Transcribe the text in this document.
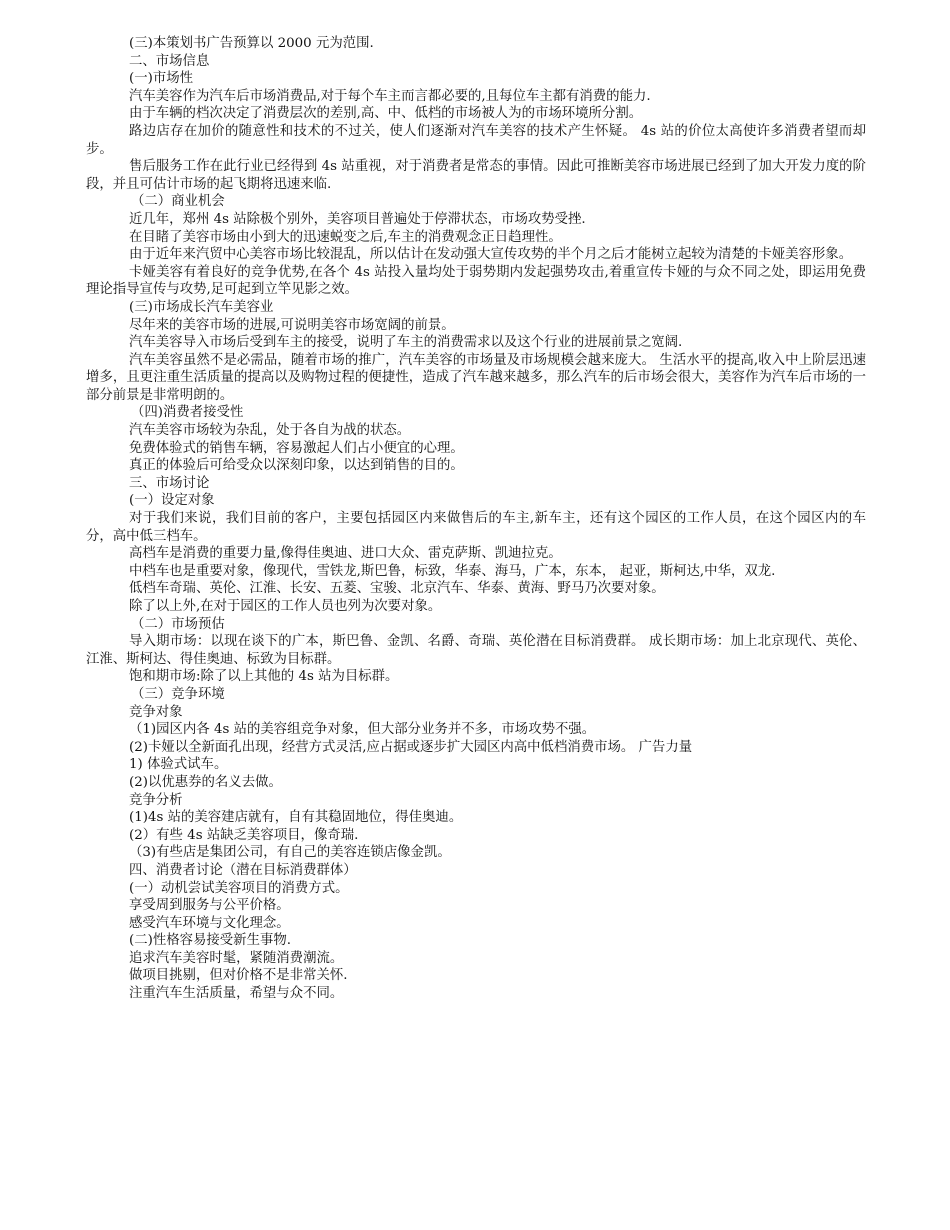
(三)本策划书广告预算以 2000 元为范围.

二、市场信息

(一)市场性

汽车美容作为汽车后市场消费品,对于每个车主而言都必要的,且每位车主都有消费的能力.

由于车辆的档次决定了消费层次的差别,高、中、低档的市场被人为的市场环境所分割。

路边店存在加价的随意性和技术的不过关，使人们逐渐对汽车美容的技术产生怀疑。 4s 站的价位太高使许多消费者望而却步。

售后服务工作在此行业已经得到 4s 站重视，对于消费者是常态的事情。因此可推断美容市场进展已经到了加大开发力度的阶段，并且可估计市场的起飞期将迅速来临.

（二）商业机会

近几年，郑州 4s 站除极个别外，美容项目普遍处于停滞状态，市场攻势受挫.

在目睹了美容市场由小到大的迅速蜕变之后,车主的消费观念正日趋理性。

由于近年来汽贸中心美容市场比较混乱，所以估计在发动强大宣传攻势的半个月之后才能树立起较为清楚的卡娅美容形象。

卡娅美容有着良好的竞争优势,在各个 4s 站投入量均处于弱势期内发起强势攻击,着重宣传卡娅的与众不同之处，即运用免费理论指导宣传与攻势,足可起到立竿见影之效。

(三)市场成长汽车美容业

尽年来的美容市场的进展,可说明美容市场宽阔的前景。

汽车美容导入市场后受到车主的接受，说明了车主的消费需求以及这个行业的进展前景之宽阔.

汽车美容虽然不是必需品，随着市场的推广，汽车美容的市场量及市场规模会越来庞大。 生活水平的提高,收入中上阶层迅速增多，且更注重生活质量的提高以及购物过程的便捷性，造成了汽车越来越多，那么汽车的后市场会很大，美容作为汽车后市场的一部分前景是非常明朗的。

（四)消费者接受性

汽车美容市场较为杂乱，处于各自为战的状态。

免费体验式的销售车辆，容易激起人们占小便宜的心理。

真正的体验后可给受众以深刻印象，以达到销售的目的。

三、市场讨论

(一）设定对象

对于我们来说，我们目前的客户，主要包括园区内来做售后的车主,新车主，还有这个园区的工作人员，在这个园区内的车分，高中低三档车。

高档车是消费的重要力量,像得佳奥迪、进口大众、雷克萨斯、凯迪拉克。

中档车也是重要对象，像现代，雪铁龙,斯巴鲁，标致，华泰、海马，广本，东本， 起亚，斯柯达,中华，双龙.

低档车奇瑞、英伦、江淮、长安、五菱、宝骏、北京汽车、华泰、黄海、野马乃次要对象。

除了以上外,在对于园区的工作人员也列为次要对象。

（二）市场预估

导入期市场：以现在谈下的广本，斯巴鲁、金凯、名爵、奇瑞、英伦潜在目标消费群。 成长期市场：加上北京现代、英伦、江淮、斯柯达、得佳奥迪、标致为目标群。

饱和期市场:除了以上其他的 4s 站为目标群。

（三）竞争环境

竞争对象

（1)园区内各 4s 站的美容组竞争对象，但大部分业务并不多，市场攻势不强。

(2)卡娅以全新面孔出现，经营方式灵活,应占据或逐步扩大园区内高中低档消费市场。 广告力量

1) 体验式试车。

(2)以优惠券的名义去做。

竞争分析

(1)4s 站的美容建店就有，自有其稳固地位，得佳奥迪。

(2）有些 4s 站缺乏美容项目，像奇瑞.

（3)有些店是集团公司，有自己的美容连锁店像金凯。

四、消费者讨论（潜在目标消费群体）

(一）动机尝试美容项目的消费方式。

享受周到服务与公平价格。

感受汽车环境与文化理念。

(二)性格容易接受新生事物.

追求汽车美容时髦，紧随消费潮流。

做项目挑剔，但对价格不是非常关怀.

注重汽车生活质量，希望与众不同。
